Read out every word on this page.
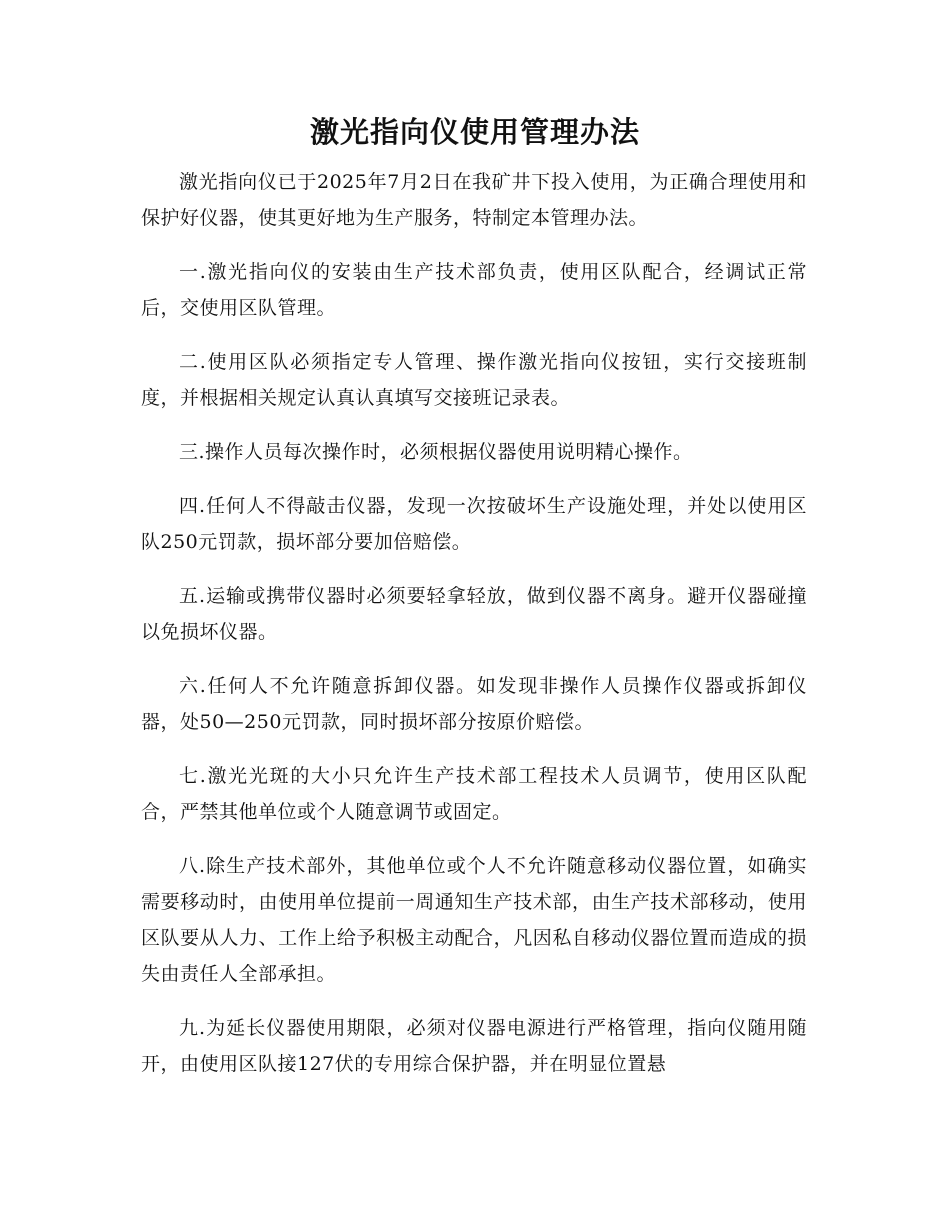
激光指向仪使用管理办法

激光指向仪已于2025年7月2日在我矿井下投入使用，为正确合理使用和保护好仪器，使其更好地为生产服务，特制定本管理办法。

一.激光指向仪的安装由生产技术部负责，使用区队配合，经调试正常后，交使用区队管理。

二.使用区队必须指定专人管理、操作激光指向仪按钮，实行交接班制度，并根据相关规定认真认真填写交接班记录表。

三.操作人员每次操作时，必须根据仪器使用说明精心操作。

四.任何人不得敲击仪器，发现一次按破坏生产设施处理，并处以使用区队250元罚款，损坏部分要加倍赔偿。

五.运输或携带仪器时必须要轻拿轻放，做到仪器不离身。避开仪器碰撞以免损坏仪器。

六.任何人不允许随意拆卸仪器。如发现非操作人员操作仪器或拆卸仪器，处50—250元罚款，同时损坏部分按原价赔偿。

七.激光光斑的大小只允许生产技术部工程技术人员调节，使用区队配合，严禁其他单位或个人随意调节或固定。

八.除生产技术部外，其他单位或个人不允许随意移动仪器位置，如确实需要移动时，由使用单位提前一周通知生产技术部，由生产技术部移动，使用区队要从人力、工作上给予积极主动配合，凡因私自移动仪器位置而造成的损失由责任人全部承担。

九.为延长仪器使用期限，必须对仪器电源进行严格管理，指向仪随用随开，由使用区队接127伏的专用综合保护器，并在明显位置悬
